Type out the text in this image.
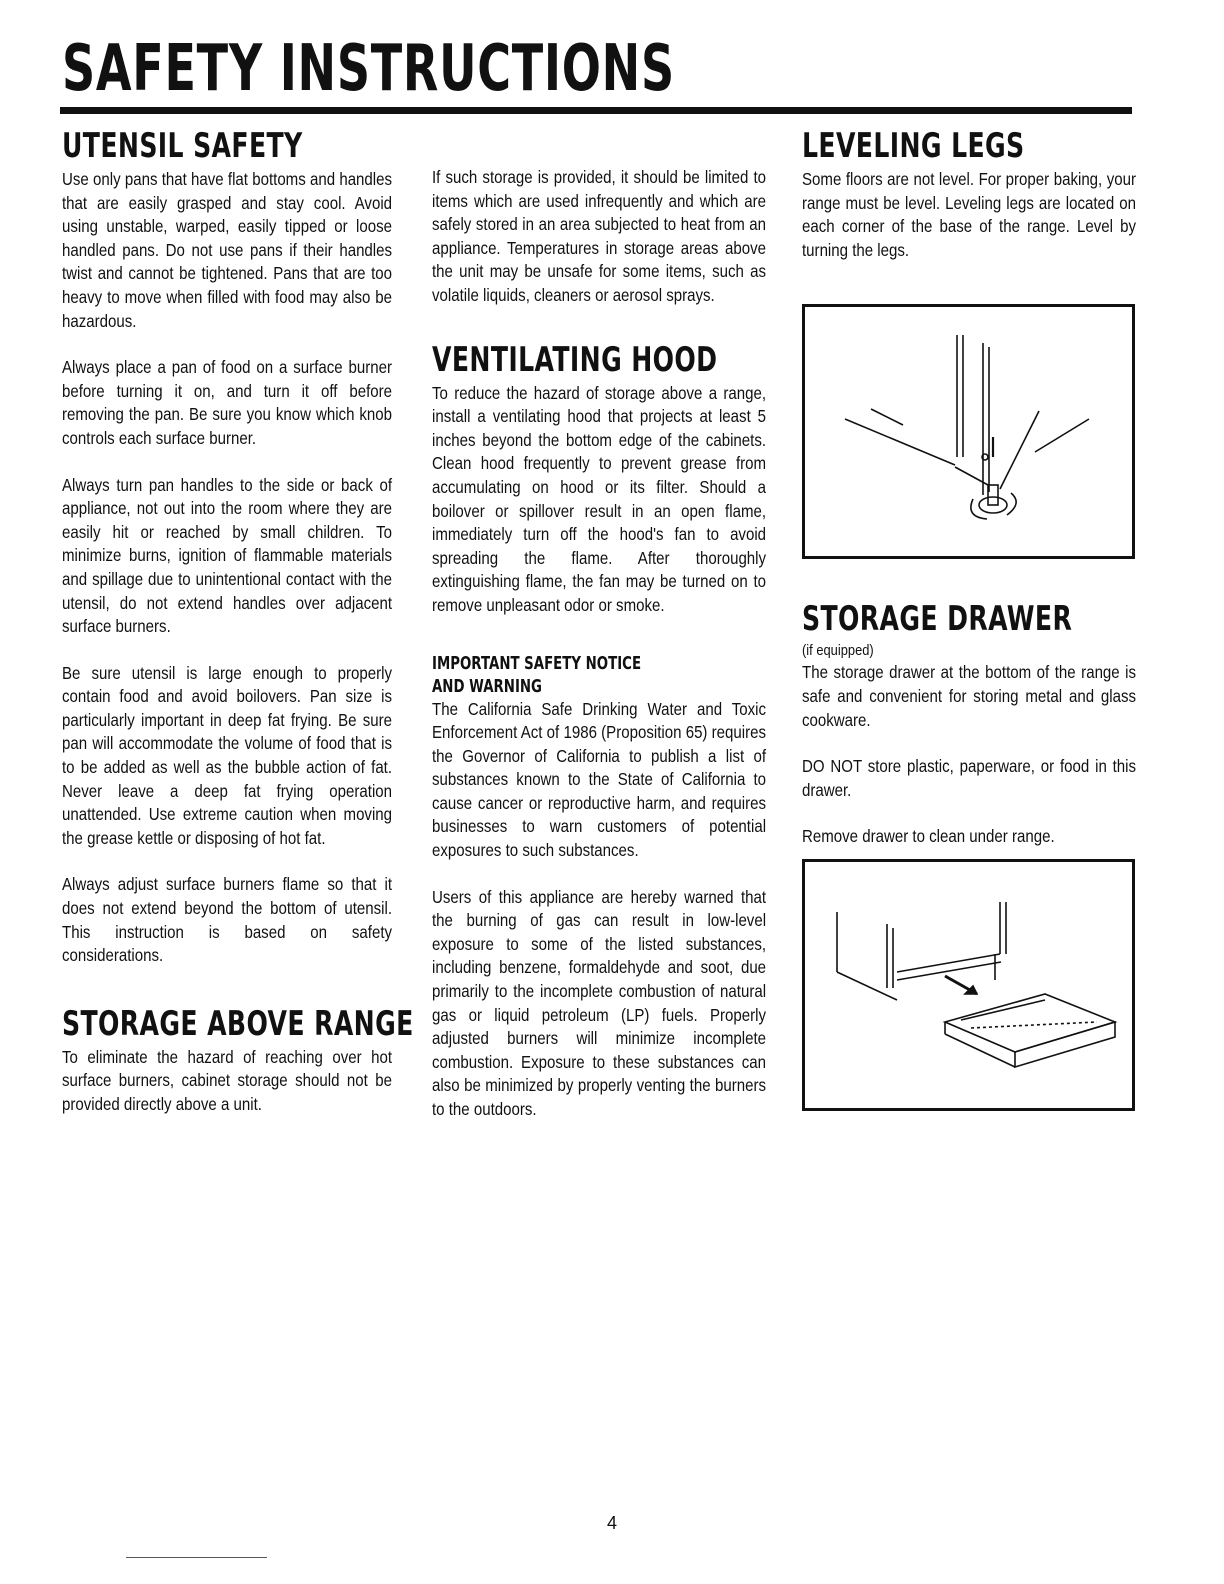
SAFETY INSTRUCTIONS
UTENSIL SAFETY

Use only pans that have flat bottoms and handles that are easily grasped and stay cool. Avoid using unstable, warped, easily tipped or loose handled pans. Do not use pans if their handles twist and cannot be tightened. Pans that are too heavy to move when filled with food may also be hazardous.

Always place a pan of food on a surface burner before turning it on, and turn it off before removing the pan. Be sure you know which knob controls each surface burner.

Always turn pan handles to the side or back of appliance, not out into the room where they are easily hit or reached by small children. To minimize burns, ignition of flammable materials and spillage due to unintentional contact with the utensil, do not extend handles over adjacent surface burners.

Be sure utensil is large enough to properly contain food and avoid boilovers. Pan size is particularly important in deep fat frying. Be sure pan will accommodate the volume of food that is to be added as well as the bubble action of fat. Never leave a deep fat frying operation unattended. Use extreme caution when moving the grease kettle or disposing of hot fat.

Always adjust surface burners flame so that it does not extend beyond the bottom of utensil. This instruction is based on safety considerations.

STORAGE ABOVE RANGE

To eliminate the hazard of reaching over hot surface burners, cabinet storage should not be provided directly above a unit.

If such storage is provided, it should be limited to items which are used infrequently and which are safely stored in an area subjected to heat from an appliance. Temperatures in storage areas above the unit may be unsafe for some items, such as volatile liquids, cleaners or aerosol sprays.

VENTILATING HOOD

To reduce the hazard of storage above a range, install a ventilating hood that projects at least 5 inches beyond the bottom edge of the cabinets. Clean hood frequently to prevent grease from accumulating on hood or its filter. Should a boilover or spillover result in an open flame, immediately turn off the hood's fan to avoid spreading the flame. After thoroughly extinguishing flame, the fan may be turned on to remove unpleasant odor or smoke.

IMPORTANT SAFETY NOTICE
AND WARNING

The California Safe Drinking Water and Toxic Enforcement Act of 1986 (Proposition 65) requires the Governor of California to publish a list of substances known to the State of California to cause cancer or reproductive harm, and requires businesses to warn customers of potential exposures to such substances.

Users of this appliance are hereby warned that the burning of gas can result in low-level exposure to some of the listed substances, including benzene, formaldehyde and soot, due primarily to the incomplete combustion of natural gas or liquid petroleum (LP) fuels. Properly adjusted burners will minimize incomplete combustion. Exposure to these substances can also be minimized by properly venting the burners to the outdoors.

LEVELING LEGS

Some floors are not level. For proper baking, your range must be level. Leveling legs are located on each corner of the base of the range. Level by turning the legs.

STORAGE DRAWER

(if equipped)

The storage drawer at the bottom of the range is safe and convenient for storing metal and glass cookware.

DO NOT store plastic, paperware, or food in this drawer.

Remove drawer to clean under range.

4
